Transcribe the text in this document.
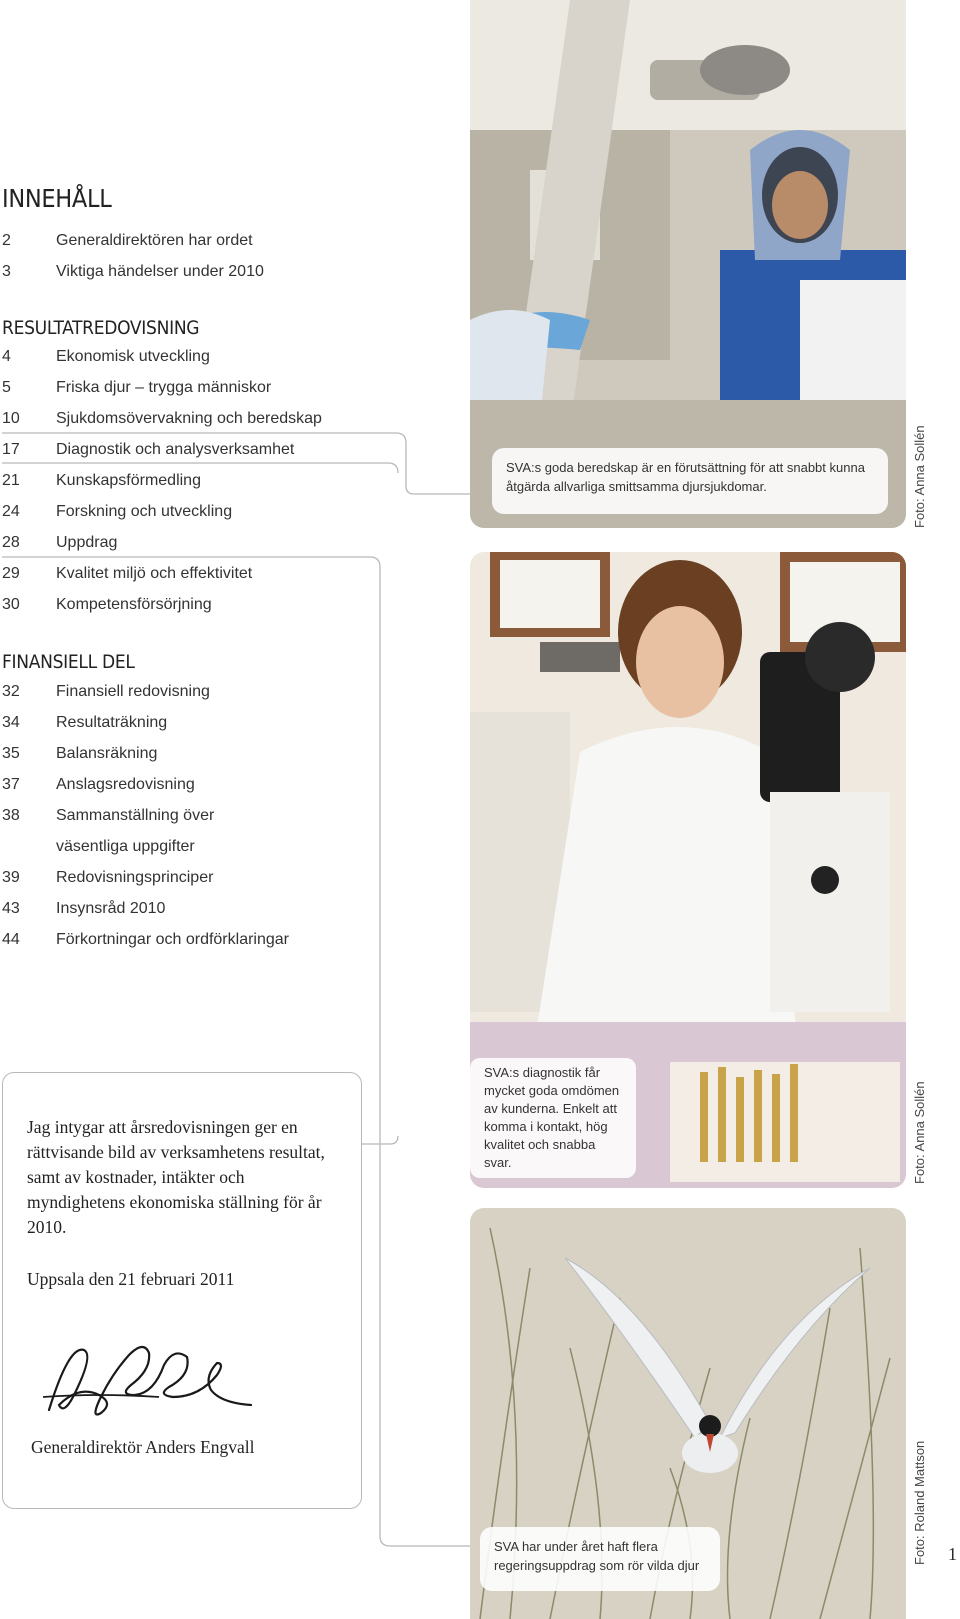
INNEHÅLL
2	Generaldirektören har ordet
3	Viktiga händelser under 2010
RESULTATREDOVISNING
4	Ekonomisk utveckling
5	Friska djur – trygga människor
10	Sjukdomsövervakning och beredskap
17	Diagnostik och analysverksamhet
21	Kunskapsförmedling
24	Forskning och utveckling
28	Uppdrag
29	Kvalitet miljö och effektivitet
30	Kompetensförsörjning
FINANSIELL DEL
32	Finansiell redovisning
34	Resultaträkning
35	Balansräkning
37	Anslagsredovisning
38	Sammanställning över
väsentliga uppgifter
39	Redovisningsprinciper
43	Insynsråd 2010
44	Förkortningar och ordförklaringar
SVA:s goda beredskap är en förutsättning för att snabbt kunna åtgärda allvarliga smittsamma djursjukdomar.	Foto: Anna Sollén
SVA:s diagnostik får mycket goda omdömen av kunderna. Enkelt att komma i kontakt, hög kvalitet och snabba svar.	Foto: Anna Sollén
SVA har under året haft flera regeringsuppdrag som rör vilda djur
Foto: Roland Mattson
Jag intygar att årsredovisningen ger en rättvisande bild av verksamhetens resultat, samt av kostnader, intäkter och myndighetens ekonomiska ställning för år 2010.
Uppsala den 21 februari 2011
Generaldirektör Anders Engvall
1
